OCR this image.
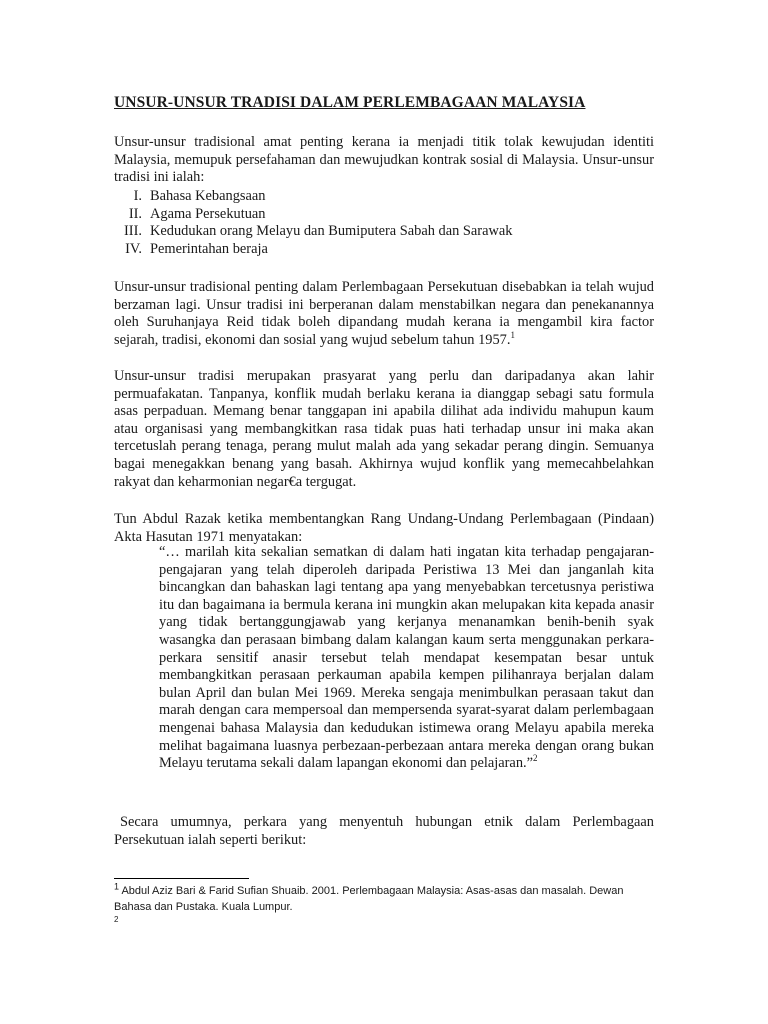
UNSUR-UNSUR TRADISI DALAM PERLEMBAGAAN MALAYSIA

Unsur-unsur tradisional amat penting kerana ia menjadi titik tolak kewujudan identiti Malaysia, memupuk persefahaman dan mewujudkan kontrak sosial di Malaysia. Unsur-unsur tradisi ini ialah:

I. Bahasa Kebangsaan
II. Agama Persekutuan
III. Kedudukan orang Melayu dan Bumiputera Sabah dan Sarawak
IV. Pemerintahan beraja

Unsur-unsur tradisional penting dalam Perlembagaan Persekutuan disebabkan ia telah wujud berzaman lagi. Unsur tradisi ini berperanan dalam menstabilkan negara dan penekanannya oleh Suruhanjaya Reid tidak boleh dipandang mudah kerana ia mengambil kira factor sejarah, tradisi, ekonomi dan sosial yang wujud sebelum tahun 1957.$^1$

Unsur-unsur tradisi merupakan prasyarat yang perlu dan daripadanya akan lahir permuafakatan. Tanpanya, konflik mudah berlaku kerana ia dianggap sebagi satu formula asas perpaduan. Memang benar tanggapan ini apabila dilihat ada individu mahupun kaum atau organisasi yang membangkitkan rasa tidak puas hati terhadap unsur ini maka akan tercetuslah perang tenaga, perang mulut malah ada yang sekadar perang dingin. Semuanya bagai menegakkan benang yang basah. Akhirnya wujud konflik yang memecahbelahkan rakyat dan keharmonian negar€a tergugat.

Tun Abdul Razak ketika membentangkan Rang Undang-Undang Perlembagaan (Pindaan) Akta Hasutan 1971 menyatakan:

“… marilah kita sekalian sematkan di dalam hati ingatan kita terhadap pengajaran-pengajaran yang telah diperoleh daripada Peristiwa 13 Mei dan janganlah kita bincangkan dan bahaskan lagi tentang apa yang menyebabkan tercetusnya peristiwa itu dan bagaimana ia bermula kerana ini mungkin akan melupakan kita kepada anasir yang tidak bertanggungjawab yang kerjanya menanamkan benih-benih syak wasangka dan perasaan bimbang dalam kalangan kaum serta menggunakan perkara-perkara sensitif anasir tersebut telah mendapat kesempatan besar untuk membangkitkan perasaan perkauman apabila kempen pilihanraya berjalan dalam bulan April dan bulan Mei 1969. Mereka sengaja menimbulkan perasaan takut dan marah dengan cara mempersoal dan mempersenda syarat-syarat dalam perlembagaan mengenai bahasa Malaysia dan kedudukan istimewa orang Melayu apabila mereka melihat bagaimana luasnya perbezaan-perbezaan antara mereka dengan orang bukan Melayu terutama sekali dalam lapangan ekonomi dan pelajaran.”$^2$

Secara umumnya, perkara yang menyentuh hubungan etnik dalam Perlembagaan Persekutuan ialah seperti berikut:

$^1$ Abdul Aziz Bari & Farid Sufian Shuaib. 2001. Perlembagaan Malaysia: Asas-asas dan masalah. Dewan Bahasa dan Pustaka. Kuala Lumpur.

2
